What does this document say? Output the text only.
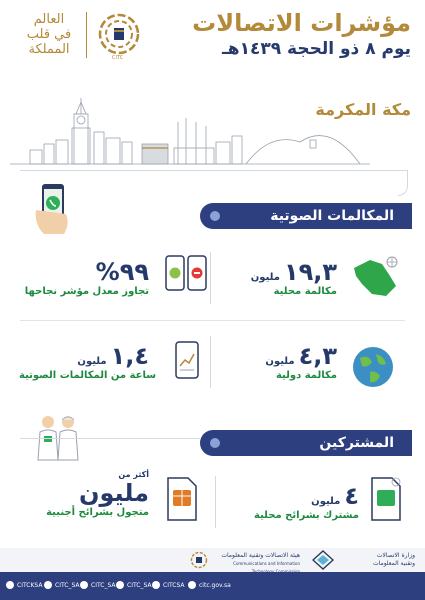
مؤشرات الاتصالات
يوم ٨ ذو الحجة ١٤٣٩هـ
العالم
في قلب
المملكة
CITC
مكة المكرمة
المكالمات الصوتية
مليون ١٩,٣
مكالمة محلية
%٩٩
تجاوز معدل مؤشر نجاحها
مليون ٤,٣
مكالمة دولية
مليون ١,٤
ساعة من المكالمات الصوتية
المشتركين
مليون ٤
مشترك بشرائح محلية
أكثر من
مليون
متجول بشرائح أجنبية
وزارة الاتصالات
وتقنية المعلومات
هيئة الاتصالات وتقنية المعلومات
Communications and Information
CITCKSA CITC_SA CITC_SA CITC_SA CITCSA citc.gov.sa
